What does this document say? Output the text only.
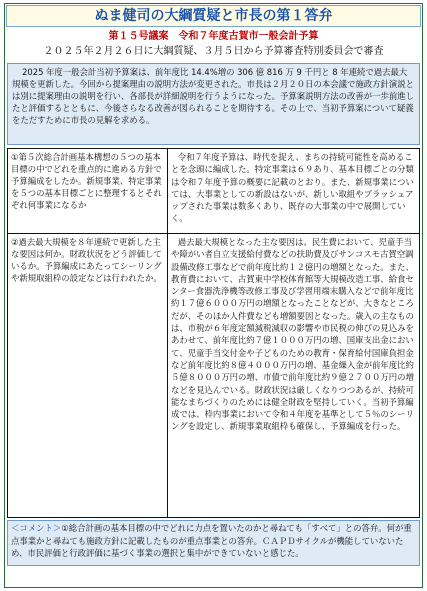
ぬま健司の大綱質疑と市長の第１答弁
第１５号議案　令和７年度古賀市一般会計予算
２０２５年２月２６日に大綱質疑、３月５日から予算審査特別委員会で審査
2025 年度一般会計当初予算案は、前年度比 14.4%増の 306 億 816 万 9 千円と 8 年連続で過去最大規模を更新した。今回から提案理由の説明方法が変更された。市長は２月２０日の本会議で施政方針演説とは別に提案理由の説明を行い、各部長が詳細説明を行うようになった。予算案説明方法の改善が一歩前進したと評価するとともに、今後さらなる改善が図られることを期待する。その上で、当初予算案について疑義をただすために市長の見解を求める。
①第５次総合計画基本構想の５つの基本目標の中でどれを重点的に進める方針で予算編成をしたか。新規事業、特定事業を５つの基本目標ごとに整理するとそれぞれ何事業になるか
令和７年度予算は、時代を捉え、まちの持続可能性を高めることを念頭に編成した。特定事業は６９あり、基本目標ごとの分類は令和７年度予算の概要に記載のとおり。また、新規事業については、大事業としての新設はないが、新しい取組やブラッシュアップされた事業は数多くあり、既存の大事業の中で展開していく。
②過去最大規模を８年連続で更新した主な要因は何か。財政状況をどう評価しているか。予算編成にあたってシーリングや新規取組枠の設定などは行われたか。
過去最大規模となった主な要因は、民生費において、児童手当や障がい者自立支援給付費などの扶助費及びサンコスモ古賀空調設備改修工事などで前年度比約１２億円の増額となった。また、教育費において、古賀東中学校体育館等大規模改造工事、給食センター食器洗浄機等改修工事及び学習用端末購入などで前年度比約１７億６０００万円の増額となったことなどが、大きなところだが、そのほか人件費なども増額要因となった。歳入の主なものは、市税が６年度定額減税減収の影響や市民税の伸びの見込みをあわせて、前年度比約７億１０００万円の増、国庫支出金において、児童手当交付金や子どものための教育・保育給付国庫負担金など前年度比約８億４０００万円の増、基金繰入金が前年度比約５億８０００万円の増、市債で前年度比約９億２７００万円の増などを見込んでいる。財政状況は厳しくなりつつあるが、持続可能なまちづくりのためには健全財政を堅持していく。当初予算編成では、枠内事業において令和４年度を基準として５％のシーリングを設定し、新規事業取組枠も確保し、予算編成を行った。
＜コメント＞①総合計画の基本目標の中でどれに力点を置いたのかと尋ねても「すべて」との答弁。何が重点事業かと尋ねても施政方針に記載したものが重点事業との答弁。ＣＡＰＤサイクルが機能していないため、市民評価と行政評価に基づく事業の選択と集中ができていないと感じた。
